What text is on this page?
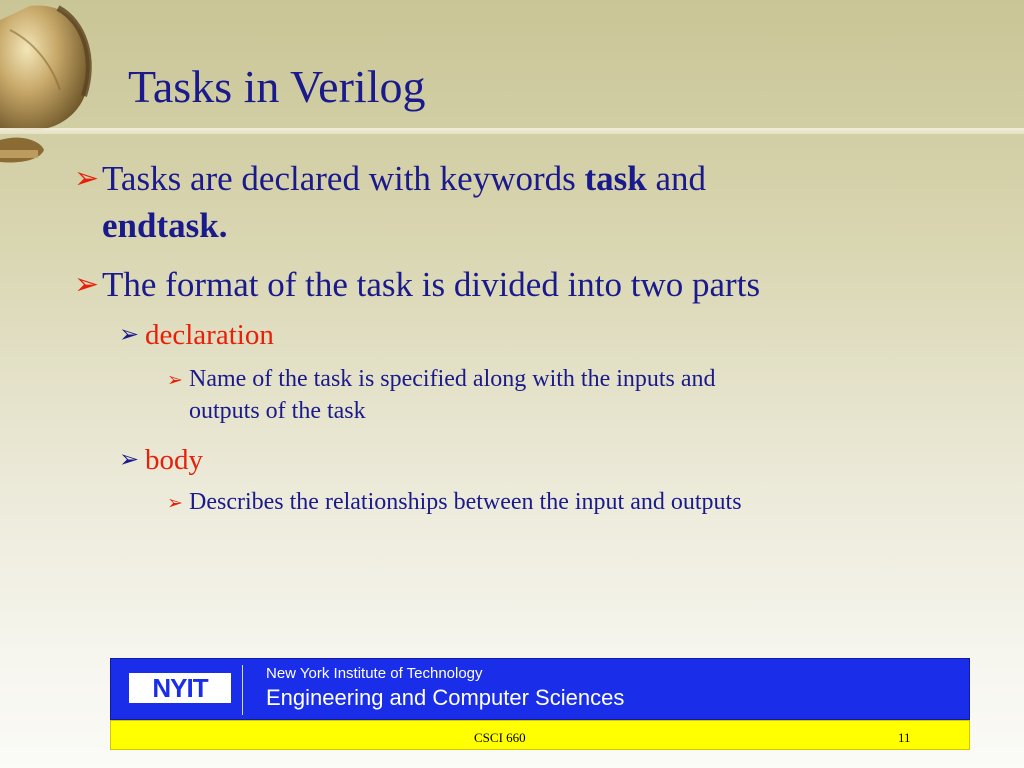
Tasks in Verilog
➢ Tasks are declared with keywords task and
endtask.
➢ The format of the task is divided into two parts
➢ declaration
➢ Name of the task is specified along with the inputs and
outputs of the task
➢ body
➢ Describes the relationships between the input and outputs
NYIT	New York Institute of Technology
Engineering and Computer Sciences
CSCI 660	11
